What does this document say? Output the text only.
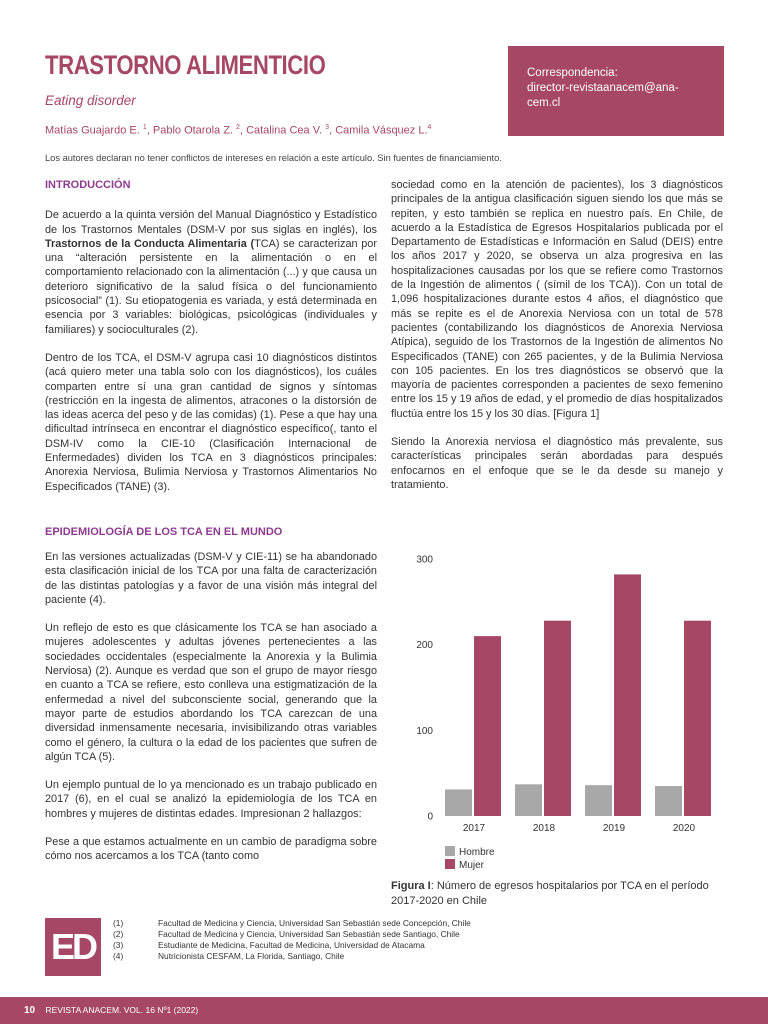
TRASTORNO ALIMENTICIO
Eating disorder
Matías Guajardo E. $^1$, Pablo Otarola Z. $^2$, Catalina Cea V. $^3$, Camila Vásquez L.$^4$
Correspondencia:
director-revistaanacem@ana-
cem.cl
Los autores declaran no tener conflictos de intereses en relación a este artículo. Sin fuentes de financiamiento.
INTRODUCCIÓN

De acuerdo a la quinta versión del Manual Diagnóstico y Estadístico de los Trastornos Mentales (DSM-V por sus siglas en inglés), los Trastornos de la Conducta Alimentaria (TCA) se caracterizan por una “alteración persistente en la alimentación o en el comportamiento relacionado con la alimentación (...) y que causa un deterioro significativo de la salud física o del funcionamiento psicosocial” (1). Su etiopatogenia es variada, y está determinada en esencia por 3 variables: biológicas, psicológicas (individuales y familiares) y socioculturales (2).

Dentro de los TCA, el DSM-V agrupa casi 10 diagnósticos distintos (acá quiero meter una tabla solo con los diagnósticos), los cuáles comparten entre sí una gran cantidad de signos y síntomas (restricción en la ingesta de alimentos, atracones o la distorsión de las ideas acerca del peso y de las comidas) (1). Pese a que hay una dificultad intrínseca en encontrar el diagnóstico específico(, tanto el DSM-IV como la CIE-10 (Clasificación Internacional de Enfermedades) dividen los TCA en 3 diagnósticos principales: Anorexia Nerviosa, Bulimia Nerviosa y Trastornos Alimentarios No Especificados (TANE) (3).

EPIDEMIOLOGÍA DE LOS TCA EN EL MUNDO

En las versiones actualizadas (DSM-V y CIE-11) se ha abandonado esta clasificación inicial de los TCA por una falta de caracterización de las distintas patologías y a favor de una visión más integral del paciente (4).

Un reflejo de esto es que clásicamente los TCA se han asociado a mujeres adolescentes y adultas jóvenes pertenecientes a las sociedades occidentales (especialmente la Anorexia y la Bulimia Nerviosa) (2). Aunque es verdad que son el grupo de mayor riesgo en cuanto a TCA se refiere, esto conlleva una estigmatización de la enfermedad a nivel del subconsciente social, generando que la mayor parte de estudios abordando los TCA carezcan de una diversidad inmensamente necesaria, invisibilizando otras variables como el género, la cultura o la edad de los pacientes que sufren de algún TCA (5).

Un ejemplo puntual de lo ya mencionado es un trabajo publicado en 2017 (6), en el cual se analizó la epidemiología de los TCA en hombres y mujeres de distintas edades. Impresionan 2 hallazgos:

Pese a que estamos actualmente en un cambio de paradigma sobre cómo nos acercamos a los TCA (tanto como

sociedad como en la atención de pacientes), los 3 diagnósticos principales de la antigua clasificación siguen siendo los que más se repiten, y esto también se replica en nuestro país. En Chile, de acuerdo a la Estadística de Egresos Hospitalarios publicada por el Departamento de Estadísticas e Información en Salud (DEIS) entre los años 2017 y 2020, se observa un alza progresiva en las hospitalizaciones causadas por los que se refiere como Trastornos de la Ingestión de alimentos ( (símil de los TCA)). Con un total de 1,096 hospitalizaciones durante estos 4 años, el diagnóstico que más se repite es el de Anorexia Nerviosa con un total de 578 pacientes (contabilizando los diagnósticos de Anorexia Nerviosa Atípica), seguido de los Trastornos de la Ingestión de alimentos No Especificados (TANE) con 265 pacientes, y de la Bulimia Nerviosa con 105 pacientes. En los tres diagnósticos se observó que la mayoría de pacientes corresponden a pacientes de sexo femenino entre los 15 y 19 años de edad, y el promedio de días hospitalizados fluctúa entre los 15 y los 30 días. [Figura 1]

Siendo la Anorexia nerviosa el diagnóstico más prevalente, sus características principales serán abordadas para después enfocarnos en el enfoque que se le da desde su manejo y tratamiento.

0
100
200
300
2017	2018	2019	2020
Hombre
Mujer
Figura I: Número de egresos hospitalarios por TCA en el período 2017-2020 en Chile
ED
(1)	Facultad de Medicina y Ciencia, Universidad San Sebastián sede Concepción, Chile
(2)	Facultad de Medicina y Ciencia, Universidad San Sebastián sede Santiago, Chile
(3)	Estudiante de Medicina, Facultad de Medicina, Universidad de Atacama
(4)	Nutricionista CESFAM, La Florida, Santiago, Chile
10 REVISTA ANACEM. VOL. 16 Nº1 (2022)
